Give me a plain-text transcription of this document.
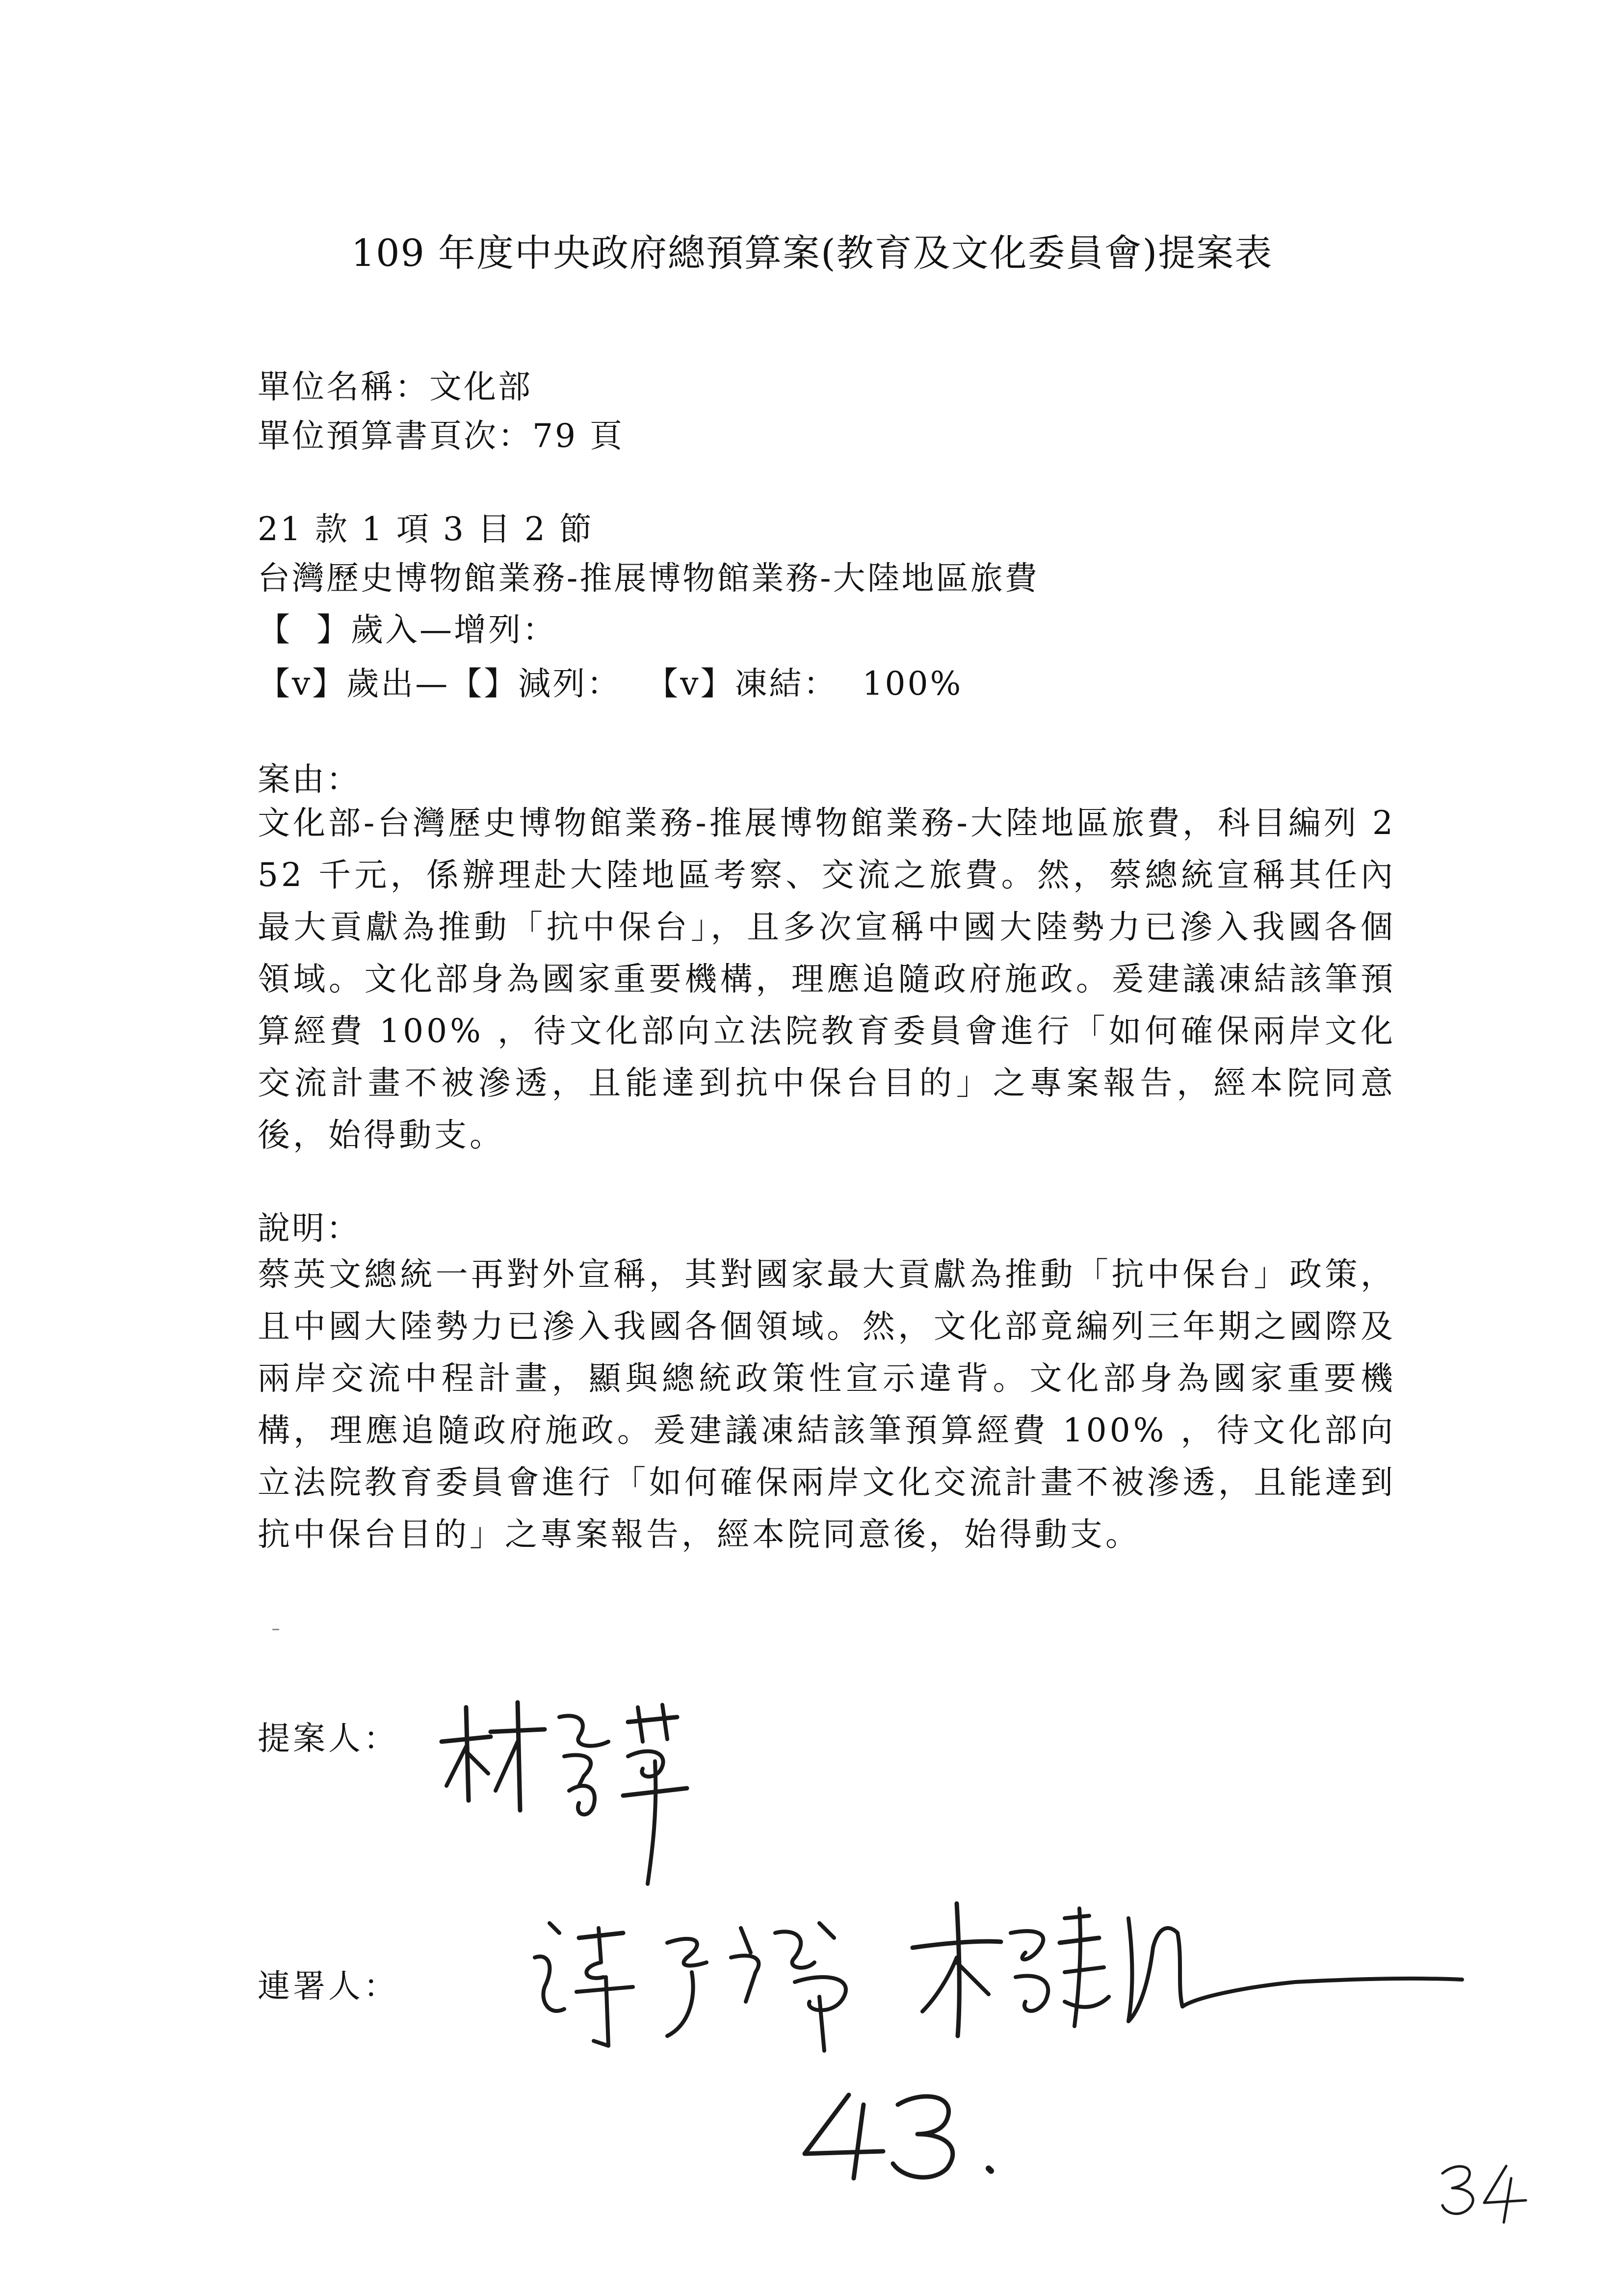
109 年度中央政府總預算案(教育及文化委員會)提案表
單位名稱：文化部
單位預算書頁次：79 頁
21 款 1 項 3 目 2 節
台灣歷史博物館業務-推展博物館業務-大陸地區旅費
【  】歲入—增列：
【v】歲出—【】減列：  【v】凍結：  100%
案由：
文化部-台灣歷史博物館業務-推展博物館業務-大陸地區旅費，科目編列 252 千元，係辦理赴大陸地區考察、交流之旅費。然，蔡總統宣稱其任內最大貢獻為推動「抗中保台」，且多次宣稱中國大陸勢力已滲入我國各個領域。文化部身為國家重要機構，理應追隨政府施政。爰建議凍結該筆預算經費 100% ，待文化部向立法院教育委員會進行「如何確保兩岸文化交流計畫不被滲透，且能達到抗中保台目的」之專案報告，經本院同意後，始得動支。
說明：
蔡英文總統一再對外宣稱，其對國家最大貢獻為推動「抗中保台」政策，且中國大陸勢力已滲入我國各個領域。然，文化部竟編列三年期之國際及兩岸交流中程計畫，顯與總統政策性宣示違背。文化部身為國家重要機構，理應追隨政府施政。爰建議凍結該筆預算經費 100% ，待文化部向立法院教育委員會進行「如何確保兩岸文化交流計畫不被滲透，且能達到抗中保台目的」之專案報告，經本院同意後，始得動支。
提案人：
連署人：
